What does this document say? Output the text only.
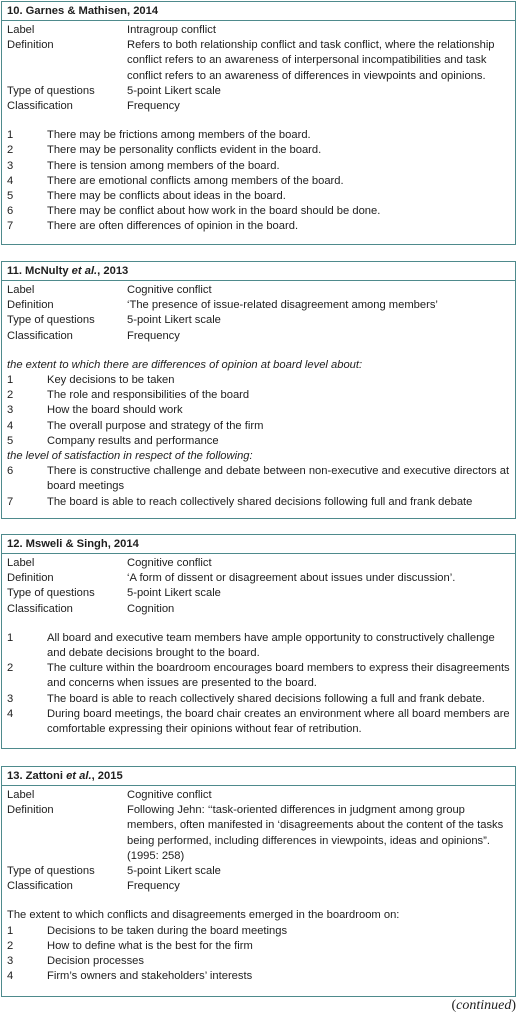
10. Garnes & Mathisen, 2014
Label	Intragroup conflict
Definition	Refers to both relationship conflict and task conflict, where the relationship conflict refers to an awareness of interpersonal incompatibilities and task conflict refers to an awareness of differences in viewpoints and opinions.
Type of questions	5-point Likert scale
Classification	Frequency
1	There may be frictions among members of the board.
2	There may be personality conflicts evident in the board.
3	There is tension among members of the board.
4	There are emotional conflicts among members of the board.
5	There may be conflicts about ideas in the board.
6	There may be conflict about how work in the board should be done.
7	There are often differences of opinion in the board.
11. McNulty et al., 2013
Label	Cognitive conflict
Definition	‘The presence of issue-related disagreement among members’
Type of questions	5-point Likert scale
Classification	Frequency
the extent to which there are differences of opinion at board level about:
1	Key decisions to be taken
2	The role and responsibilities of the board
3	How the board should work
4	The overall purpose and strategy of the firm
5	Company results and performance
the level of satisfaction in respect of the following:
6	There is constructive challenge and debate between non-executive and executive directors at board meetings
7	The board is able to reach collectively shared decisions following full and frank debate
12. Msweli & Singh, 2014
Label	Cognitive conflict
Definition	‘A form of dissent or disagreement about issues under discussion’.
Type of questions	5-point Likert scale
Classification	Cognition
1	All board and executive team members have ample opportunity to constructively challenge and debate decisions brought to the board.
2	The culture within the boardroom encourages board members to express their disagreements and concerns when issues are presented to the board.
3	The board is able to reach collectively shared decisions following a full and frank debate.
4	During board meetings, the board chair creates an environment where all board members are comfortable expressing their opinions without fear of retribution.
13. Zattoni et al., 2015
Label	Cognitive conflict
Definition	Following Jehn: ‘‘task-oriented differences in judgment among group members, often manifested in ‘disagreements about the content of the tasks being performed, including differences in viewpoints, ideas and opinions”. (1995: 258)
Type of questions	5-point Likert scale
Classification	Frequency
The extent to which conflicts and disagreements emerged in the boardroom on:
1	Decisions to be taken during the board meetings
2	How to define what is the best for the firm
3	Decision processes
4	Firm’s owners and stakeholders’ interests
(continued)
